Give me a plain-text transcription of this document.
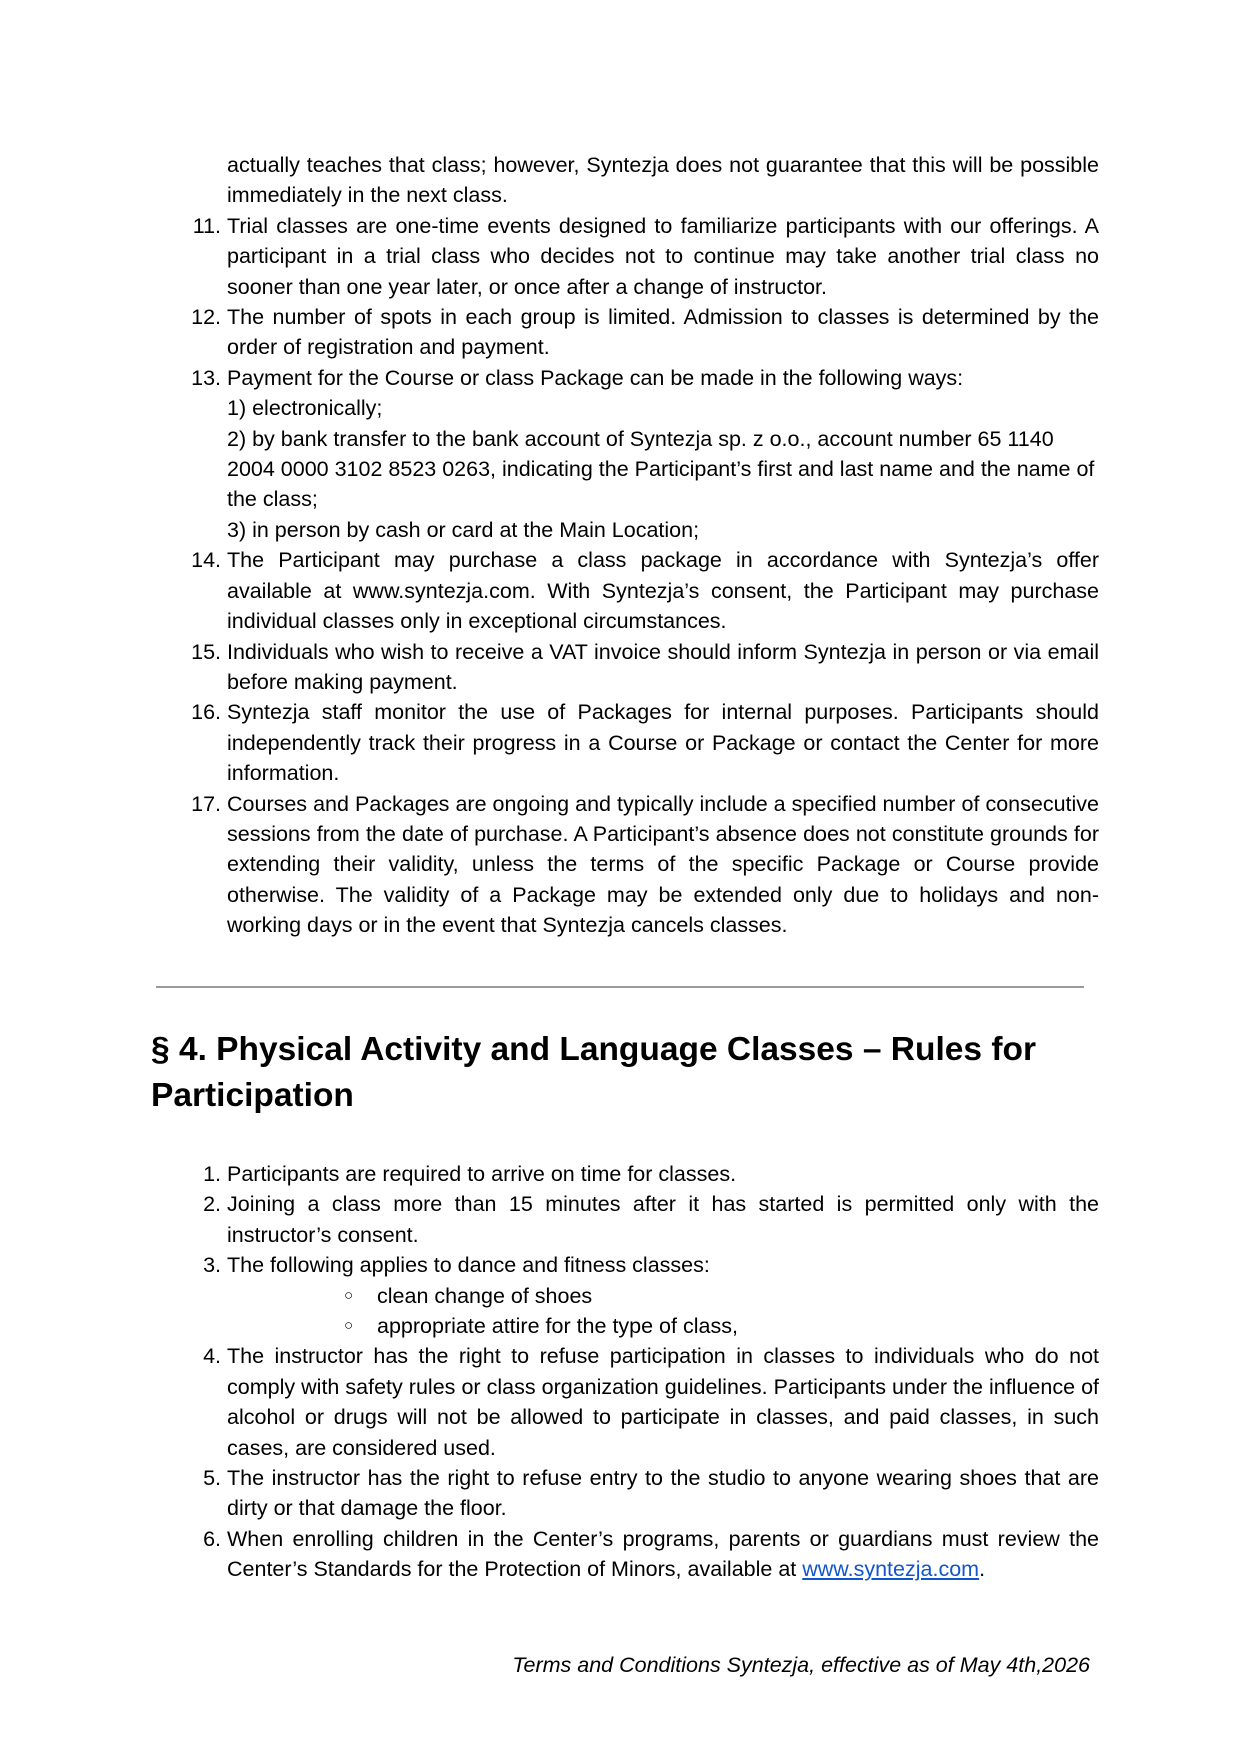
actually teaches that class; however, Syntezja does not guarantee that this will be possible immediately in the next class.
11. Trial classes are one-time events designed to familiarize participants with our offerings. A participant in a trial class who decides not to continue may take another trial class no sooner than one year later, or once after a change of instructor.
12. The number of spots in each group is limited. Admission to classes is determined by the order of registration and payment.
13. Payment for the Course or class Package can be made in the following ways:
1) electronically;
2) by bank transfer to the bank account of Syntezja sp. z o.o., account number 65 1140 2004 0000 3102 8523 0263, indicating the Participant’s first and last name and the name of the class;
3) in person by cash or card at the Main Location;
14. The Participant may purchase a class package in accordance with Syntezja’s offer available at www.syntezja.com. With Syntezja’s consent, the Participant may purchase individual classes only in exceptional circumstances.
15. Individuals who wish to receive a VAT invoice should inform Syntezja in person or via email before making payment.
16. Syntezja staff monitor the use of Packages for internal purposes. Participants should independently track their progress in a Course or Package or contact the Center for more information.
17. Courses and Packages are ongoing and typically include a specified number of consecutive sessions from the date of purchase. A Participant’s absence does not constitute grounds for extending their validity, unless the terms of the specific Package or Course provide otherwise. The validity of a Package may be extended only due to holidays and non-working days or in the event that Syntezja cancels classes.
§ 4. Physical Activity and Language Classes – Rules for Participation
1. Participants are required to arrive on time for classes.
2. Joining a class more than 15 minutes after it has started is permitted only with the instructor’s consent.
3. The following applies to dance and fitness classes:
○ clean change of shoes
○ appropriate attire for the type of class,
4. The instructor has the right to refuse participation in classes to individuals who do not comply with safety rules or class organization guidelines. Participants under the influence of alcohol or drugs will not be allowed to participate in classes, and paid classes, in such cases, are considered used.
5. The instructor has the right to refuse entry to the studio to anyone wearing shoes that are dirty or that damage the floor.
6. When enrolling children in the Center’s programs, parents or guardians must review the Center’s Standards for the Protection of Minors, available at www.syntezja.com.
Terms and Conditions Syntezja, effective as of May 4th,2026
